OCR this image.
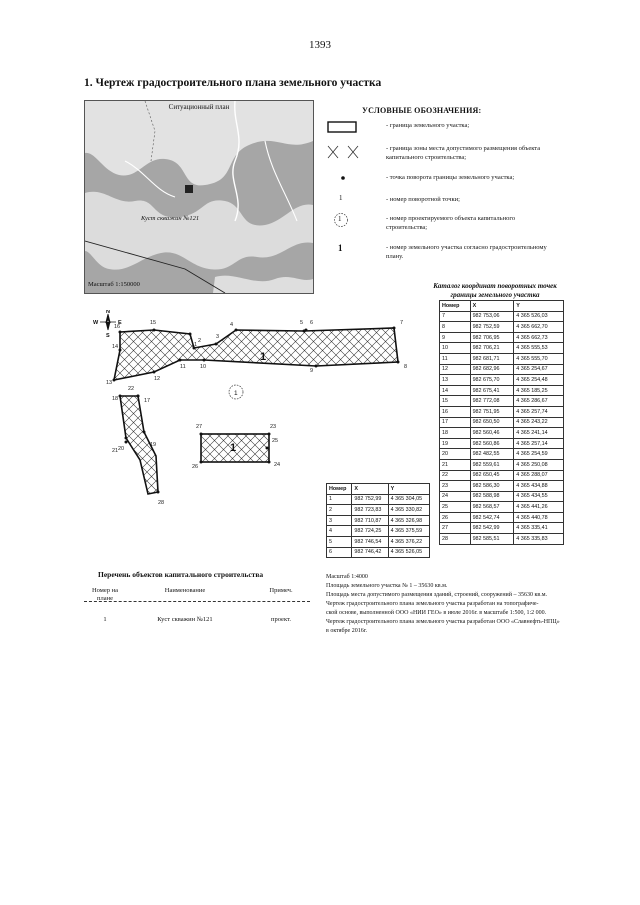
1393
1. Чертеж градостроительного плана земельного участка
Ситуационный план
Куст скважин №121
Масштаб 1:150000
УСЛОВНЫЕ ОБОЗНАЧЕНИЯ:
- граница земельного участка;
- граница зоны места допустимого размещения объекта капитального строительства;
- точка поворота границы земельного участка;
1	- номер поворотной точки;
1	- номер проектируемого объекта капитального строительства;
1	- номер земельного участка согласно градостроительному плану.
Каталог координат поворотных точек границы земельного участка
Номер	X	Y
7	982 753,06	4 365 526,03
8	982 752,59	4 365 662,70
9	982 706,95	4 365 662,73
10	982 706,21	4 365 555,53
11	982 681,71	4 365 555,70
12	982 682,96	4 365 254,67
13	982 675,70	4 365 254,48
14	982 675,41	4 365 185,25
15	982 772,08	4 365 286,67
16	982 751,95	4 365 257,74
17	982 650,50	4 365 243,22
18	982 560,46	4 365 241,14
19	982 560,86	4 365 257,14
20	982 482,55	4 365 254,59
21	982 559,61	4 365 250,08
22	982 650,45	4 365 288,07
23	982 586,30	4 365 434,88
24	982 588,98	4 365 434,55
25	982 568,57	4 365 441,26
26	982 542,74	4 365 440,78
27	982 542,99	4 365 335,41
28	982 585,51	4 365 335,83
Номер	X	Y
1	982 752,99	4 365 304,05
2	982 723,83	4 365 330,82
3	982 710,87	4 365 326,98
4	982 724,25	4 365 375,59
5	982 746,54	4 365 376,22
6	982 746,42	4 365 526,05
1
2
3
4	5 6	7
8
9
10
11
12
13
14
15
16
17
18
19
20
21
22
23
24
25
26
27
28
1
1
1
N
S
W	E
Перечень объектов капитального строительства
Номер на плане
Наименование	Примеч.
1	Куст скважин №121	проект.
Масштаб 1:4000
Площадь земельного участка № 1 – 35630 кв.м.
Площадь места допустимого размещения зданий, строений, сооружений – 35630 кв.м.
Чертеж градостроительного плана земельного участка разработан на топографиче-
ской основе, выполненной ООО «НИИ ГЕО» в июле 2016г. в масштабе 1:500, 1:2 000.
Чертеж градостроительного плана земельного участка разработан ООО «Славнефть-НПЦ»
в октябре 2016г.
